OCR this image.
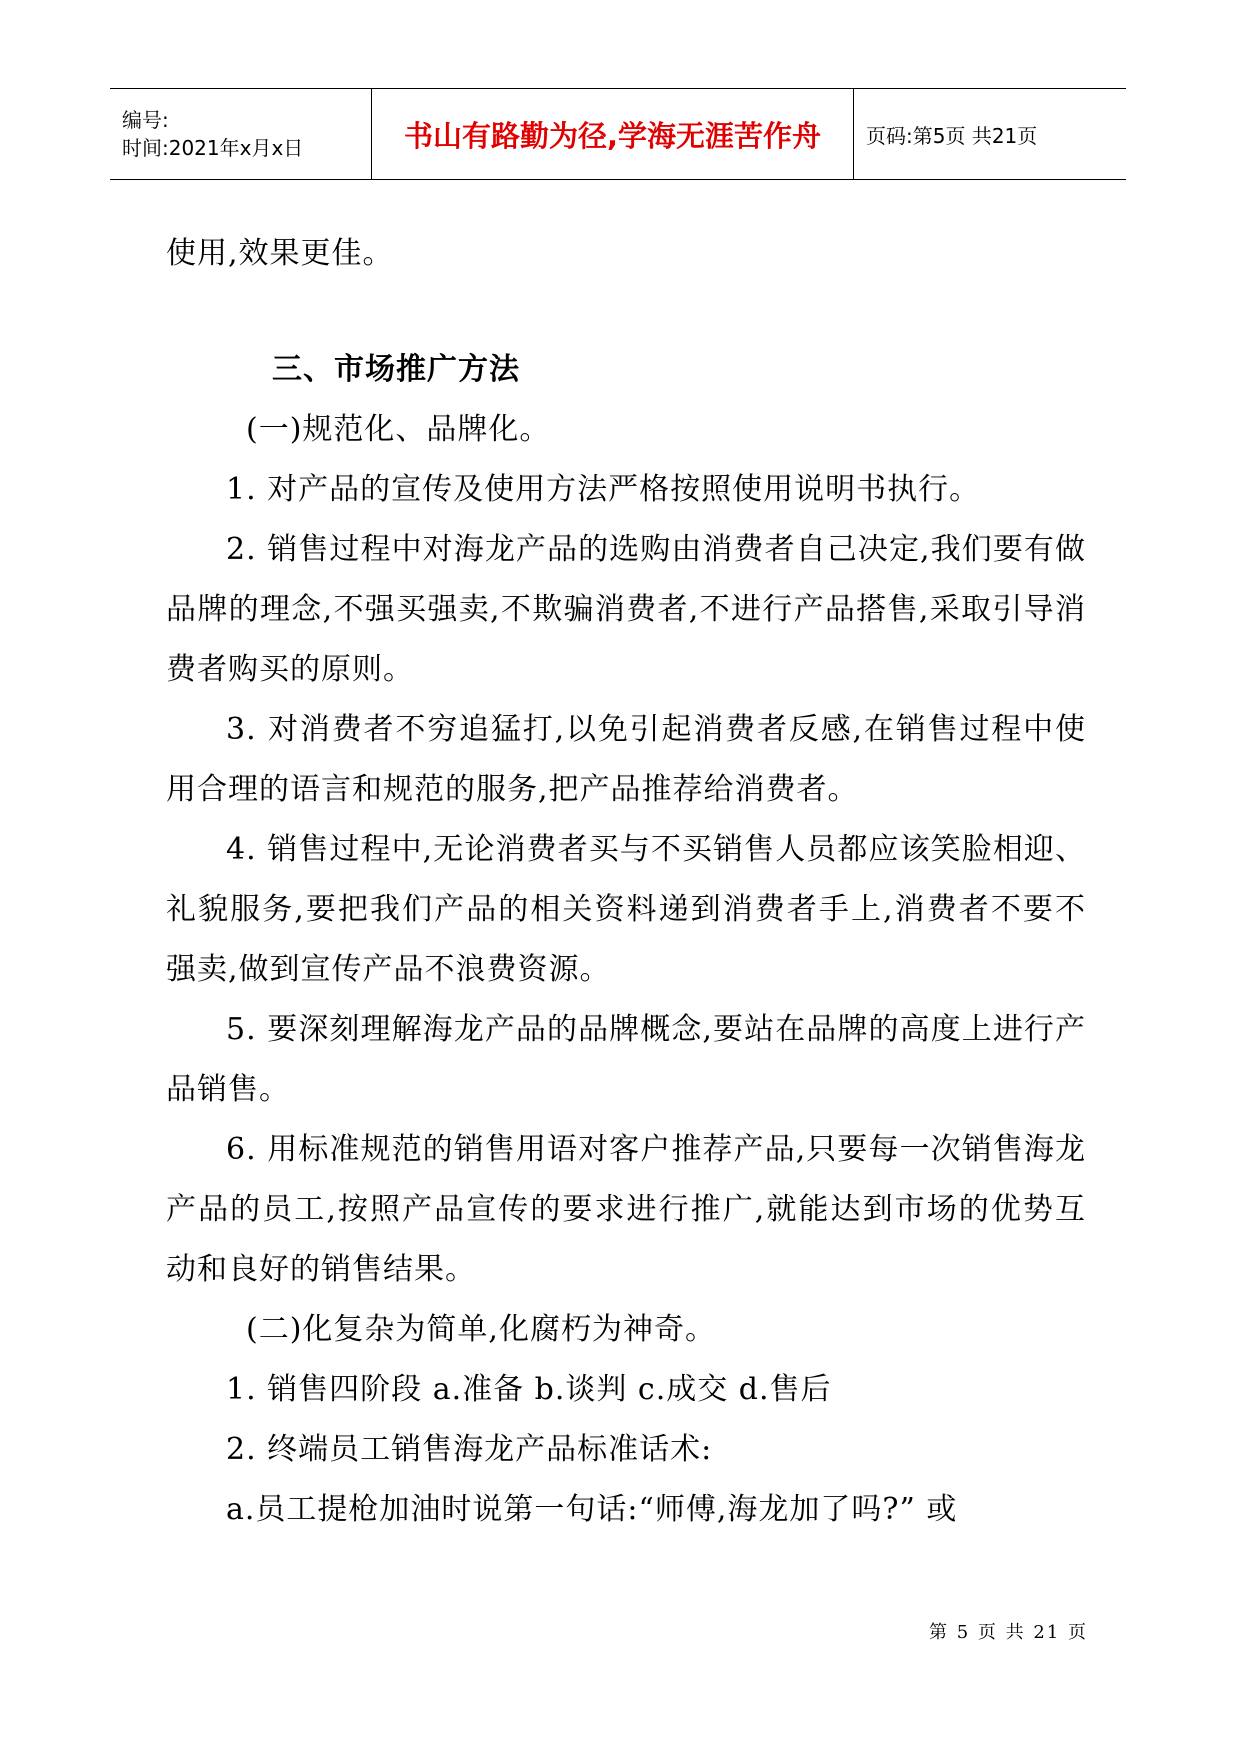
编号:
时间:2021年x月x日	书山有路勤为径,学海无涯苦作舟	页码:第5页 共21页

使用,效果更佳。

三、市场推广方法

(一)规范化、品牌化。

1. 对产品的宣传及使用方法严格按照使用说明书执行。

2. 销售过程中对海龙产品的选购由消费者自己决定,我们要有做品牌的理念,不强买强卖,不欺骗消费者,不进行产品搭售,采取引导消费者购买的原则。

3. 对消费者不穷追猛打,以免引起消费者反感,在销售过程中使用合理的语言和规范的服务,把产品推荐给消费者。

4. 销售过程中,无论消费者买与不买销售人员都应该笑脸相迎、礼貌服务,要把我们产品的相关资料递到消费者手上,消费者不要不强卖,做到宣传产品不浪费资源。

5. 要深刻理解海龙产品的品牌概念,要站在品牌的高度上进行产品销售。

6. 用标准规范的销售用语对客户推荐产品,只要每一次销售海龙产品的员工,按照产品宣传的要求进行推广,就能达到市场的优势互动和良好的销售结果。

(二)化复杂为简单,化腐朽为神奇。

1. 销售四阶段 a.准备 b.谈判 c.成交 d.售后

2. 终端员工销售海龙产品标准话术:

a.员工提枪加油时说第一句话:“师傅,海龙加了吗?” 或

第 5 页 共 21 页
